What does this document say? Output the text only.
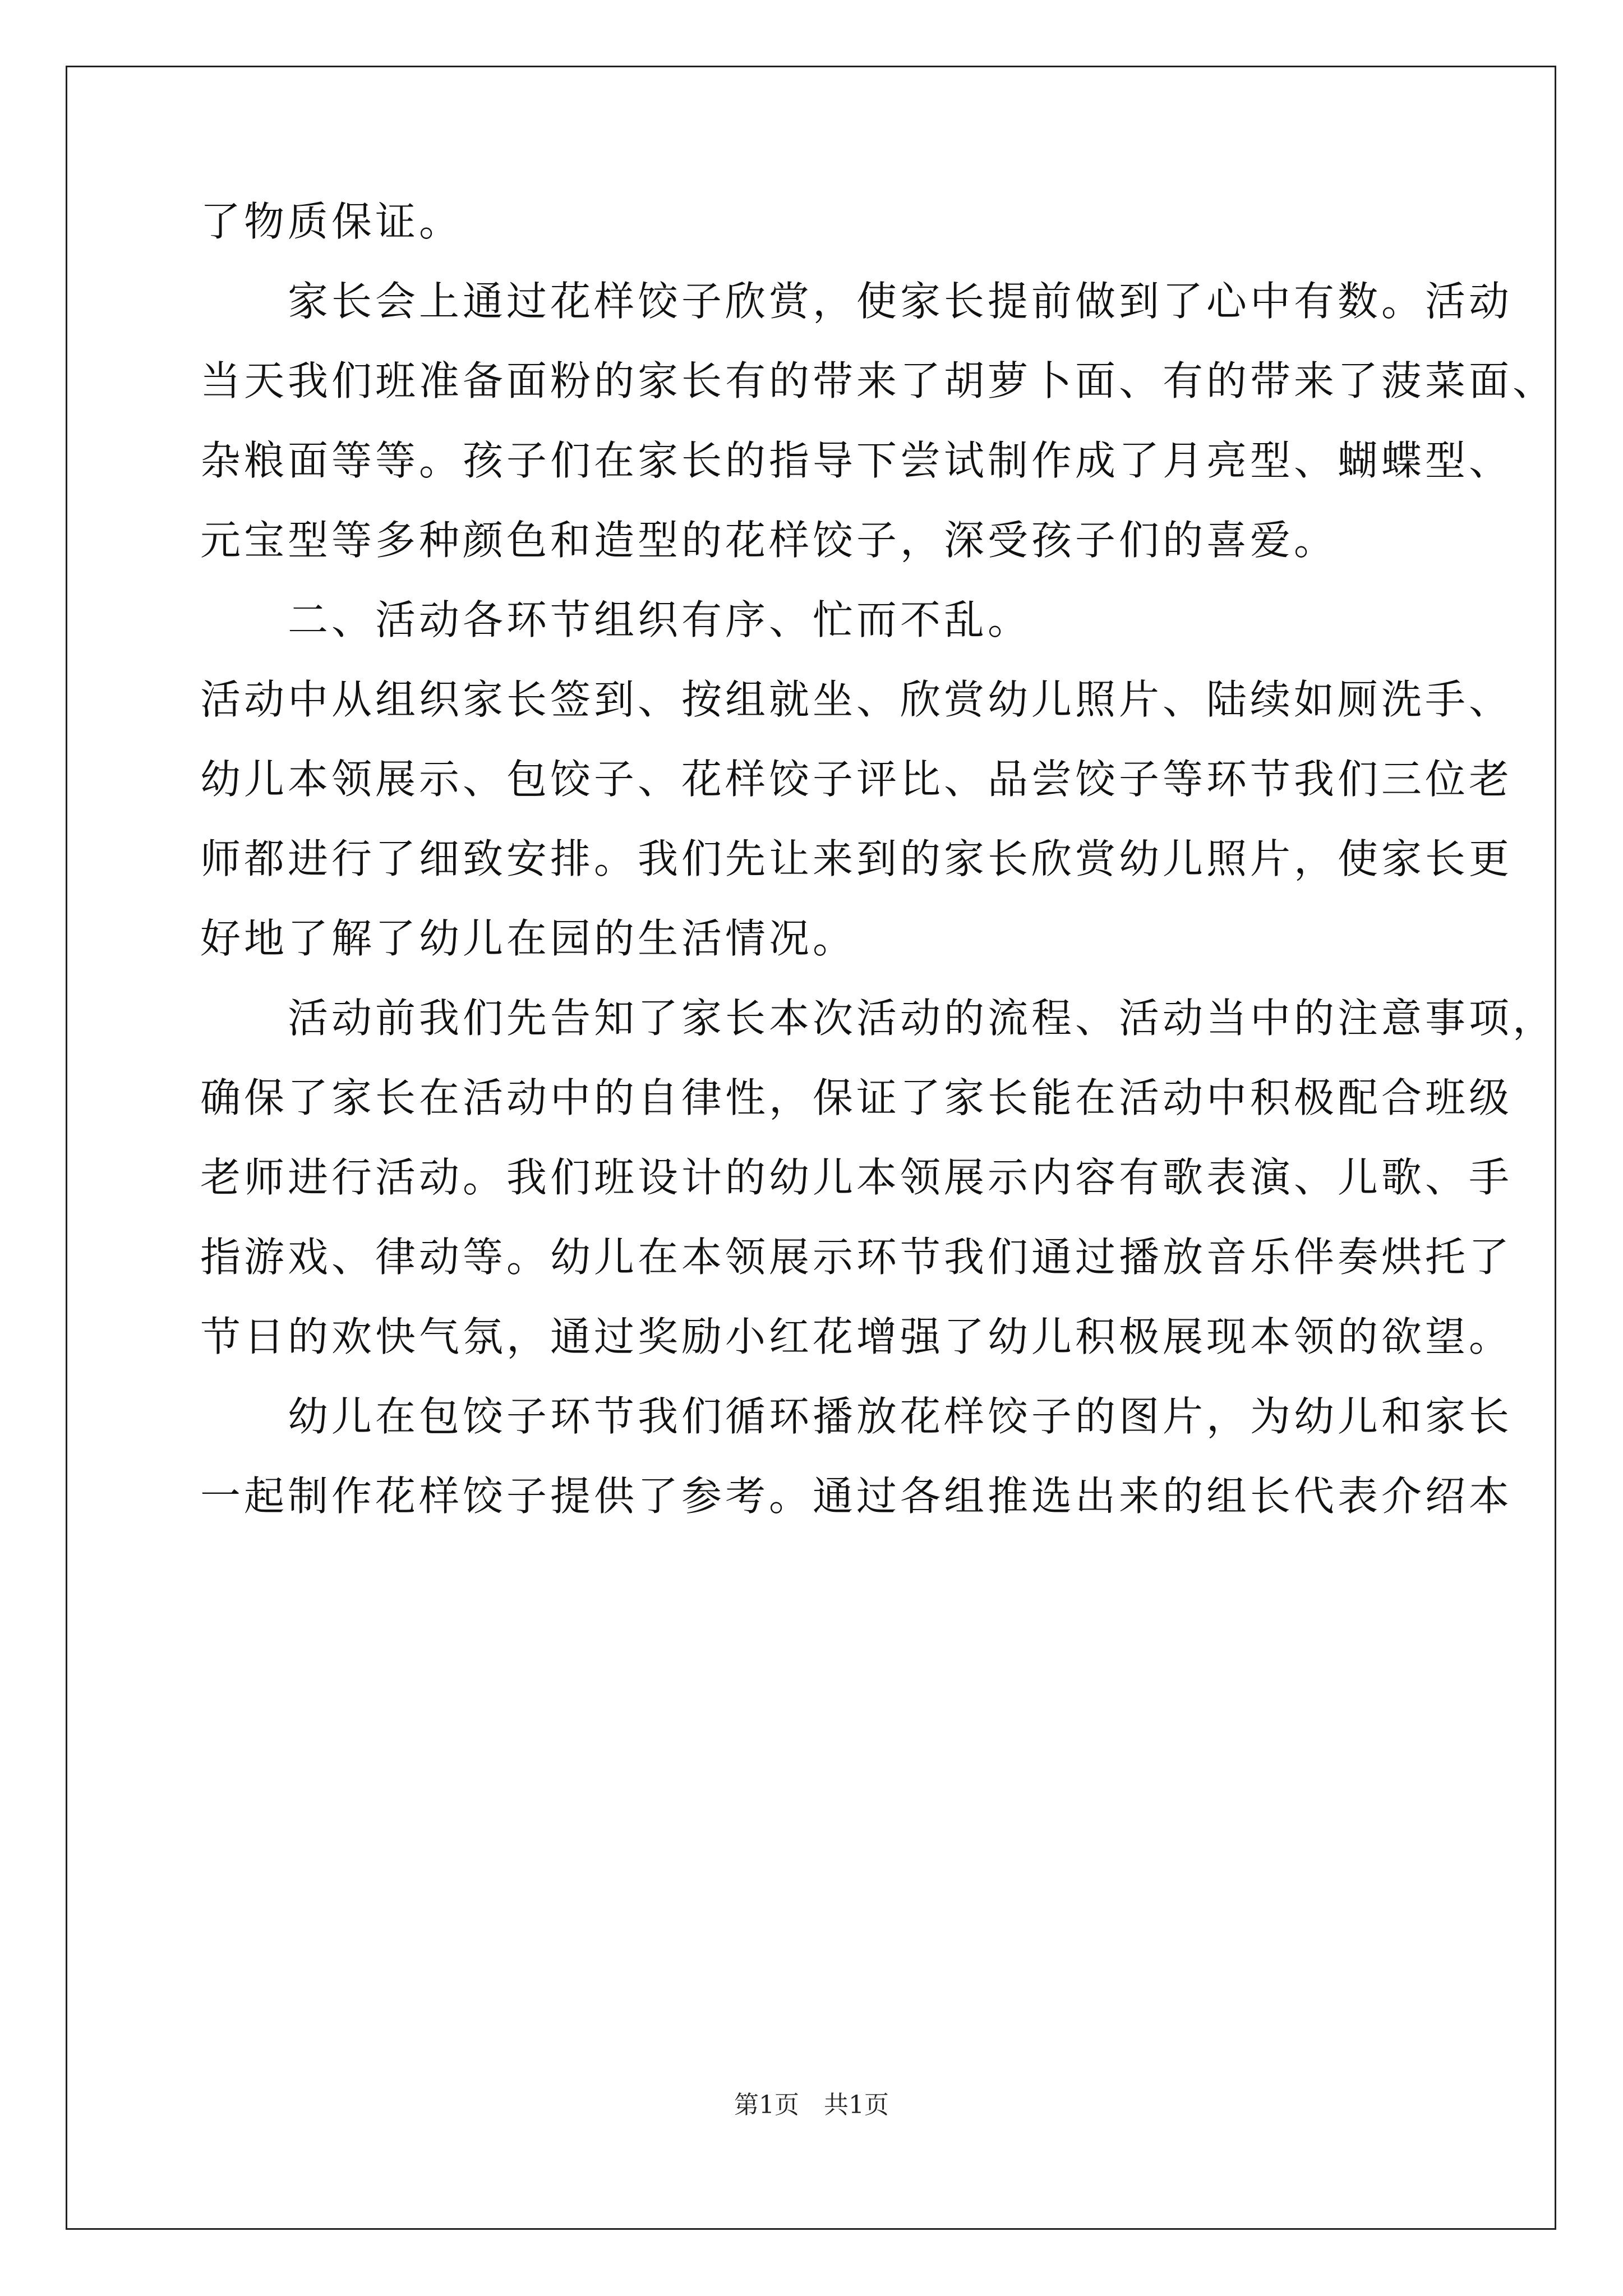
了物质保证。
　　家长会上通过花样饺子欣赏，使家长提前做到了心中有数。活动
当天我们班准备面粉的家长有的带来了胡萝卜面、有的带来了菠菜面、
杂粮面等等。孩子们在家长的指导下尝试制作成了月亮型、蝴蝶型、
元宝型等多种颜色和造型的花样饺子，深受孩子们的喜爱。
　　二、活动各环节组织有序、忙而不乱。
活动中从组织家长签到、按组就坐、欣赏幼儿照片、陆续如厕洗手、
幼儿本领展示、包饺子、花样饺子评比、品尝饺子等环节我们三位老
师都进行了细致安排。我们先让来到的家长欣赏幼儿照片，使家长更
好地了解了幼儿在园的生活情况。
　　活动前我们先告知了家长本次活动的流程、活动当中的注意事项，
确保了家长在活动中的自律性，保证了家长能在活动中积极配合班级
老师进行活动。我们班设计的幼儿本领展示内容有歌表演、儿歌、手
指游戏、律动等。幼儿在本领展示环节我们通过播放音乐伴奏烘托了
节日的欢快气氛，通过奖励小红花增强了幼儿积极展现本领的欲望。
　　幼儿在包饺子环节我们循环播放花样饺子的图片，为幼儿和家长
一起制作花样饺子提供了参考。通过各组推选出来的组长代表介绍本
第1页　共1页
